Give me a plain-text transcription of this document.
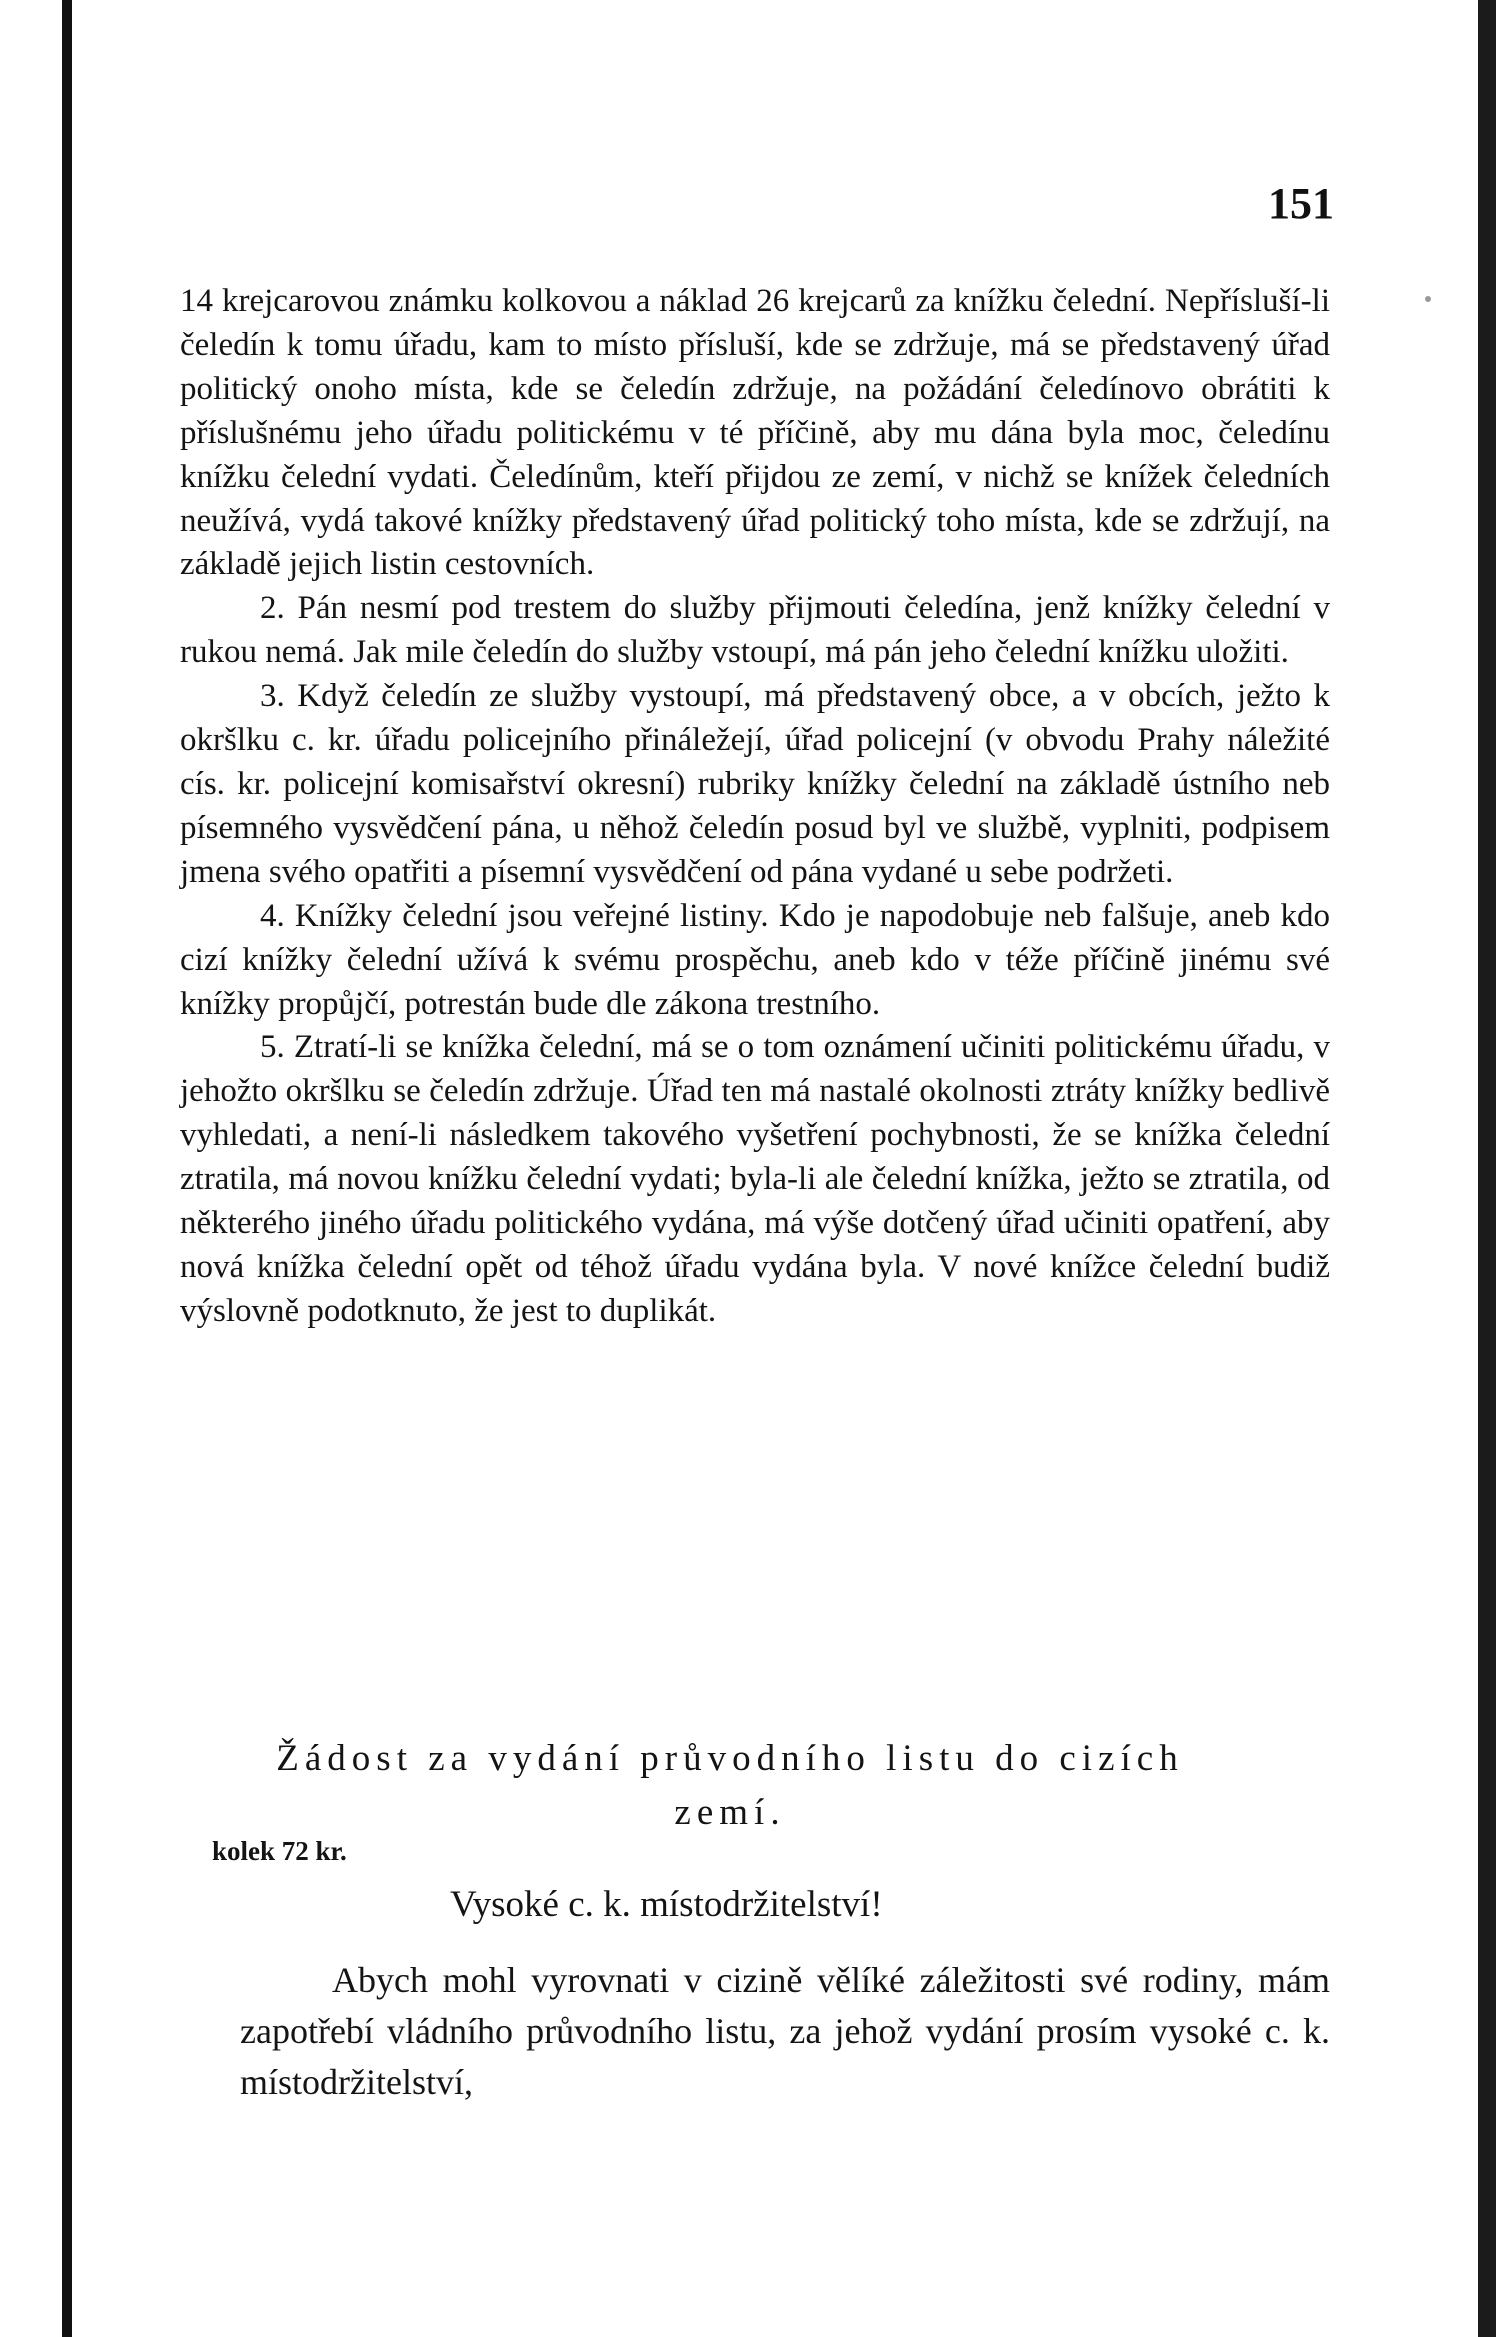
151

14 krejcarovou známku kolkovou a náklad 26 krejcarů za knížku čelední. Nepřísluší-li čeledín k tomu úřadu, kam to místo přísluší, kde se zdržuje, má se představený úřad politický onoho místa, kde se čeledín zdržuje, na požádání čeledínovo obrátiti k příslušnému jeho úřadu politickému v té příčině, aby mu dána byla moc, čeledínu knížku čelední vydati. Čeledínům, kteří přijdou ze zemí, v nichž se knížek čeledních neužívá, vydá takové knížky představený úřad politický toho místa, kde se zdržují, na základě jejich listin cestovních.

2. Pán nesmí pod trestem do služby přijmouti čeledína, jenž knížky čelední v rukou nemá. Jak mile čeledín do služby vstoupí, má pán jeho čelední knížku uložiti.

3. Když čeledín ze služby vystoupí, má představený obce, a v obcích, ježto k okršlku c. kr. úřadu policejního přináležejí, úřad policejní (v obvodu Prahy náležité cís. kr. policejní komisařství okresní) rubriky knížky čelední na základě ústního neb písemného vysvědčení pána, u něhož čeledín posud byl ve službě, vyplniti, podpisem jmena svého opatřiti a písemní vysvědčení od pána vydané u sebe podržeti.

4. Knížky čelední jsou veřejné listiny. Kdo je napodobuje neb falšuje, aneb kdo cizí knížky čelední užívá k svému prospěchu, aneb kdo v téže příčině jinému své knížky propůjčí, potrestán bude dle zákona trestního.

5. Ztratí-li se knížka čelední, má se o tom oznámení učiniti politickému úřadu, v jehožto okršlku se čeledín zdržuje. Úřad ten má nastalé okolnosti ztráty knížky bedlivě vyhledati, a není-li následkem takového vyšetření pochybnosti, že se knížka čelední ztratila, má novou knížku čelední vydati; byla-li ale čelední knížka, ježto se ztratila, od některého jiného úřadu politického vydána, má výše dotčený úřad učiniti opatření, aby nová knížka čelední opět od téhož úřadu vydána byla. V nové knížce čelední budiž výslovně podotknuto, že jest to duplikát.

Žádost za vydání průvodního listu do cizích zemí.
kolek 72 kr.
Vysoké c. k. místodržitelství!

Abych mohl vyrovnati v cizině vělíké záležitosti své rodiny, mám zapotřebí vládního průvodního listu, za jehož vydání prosím vysoké c. k. místodržitelství,
